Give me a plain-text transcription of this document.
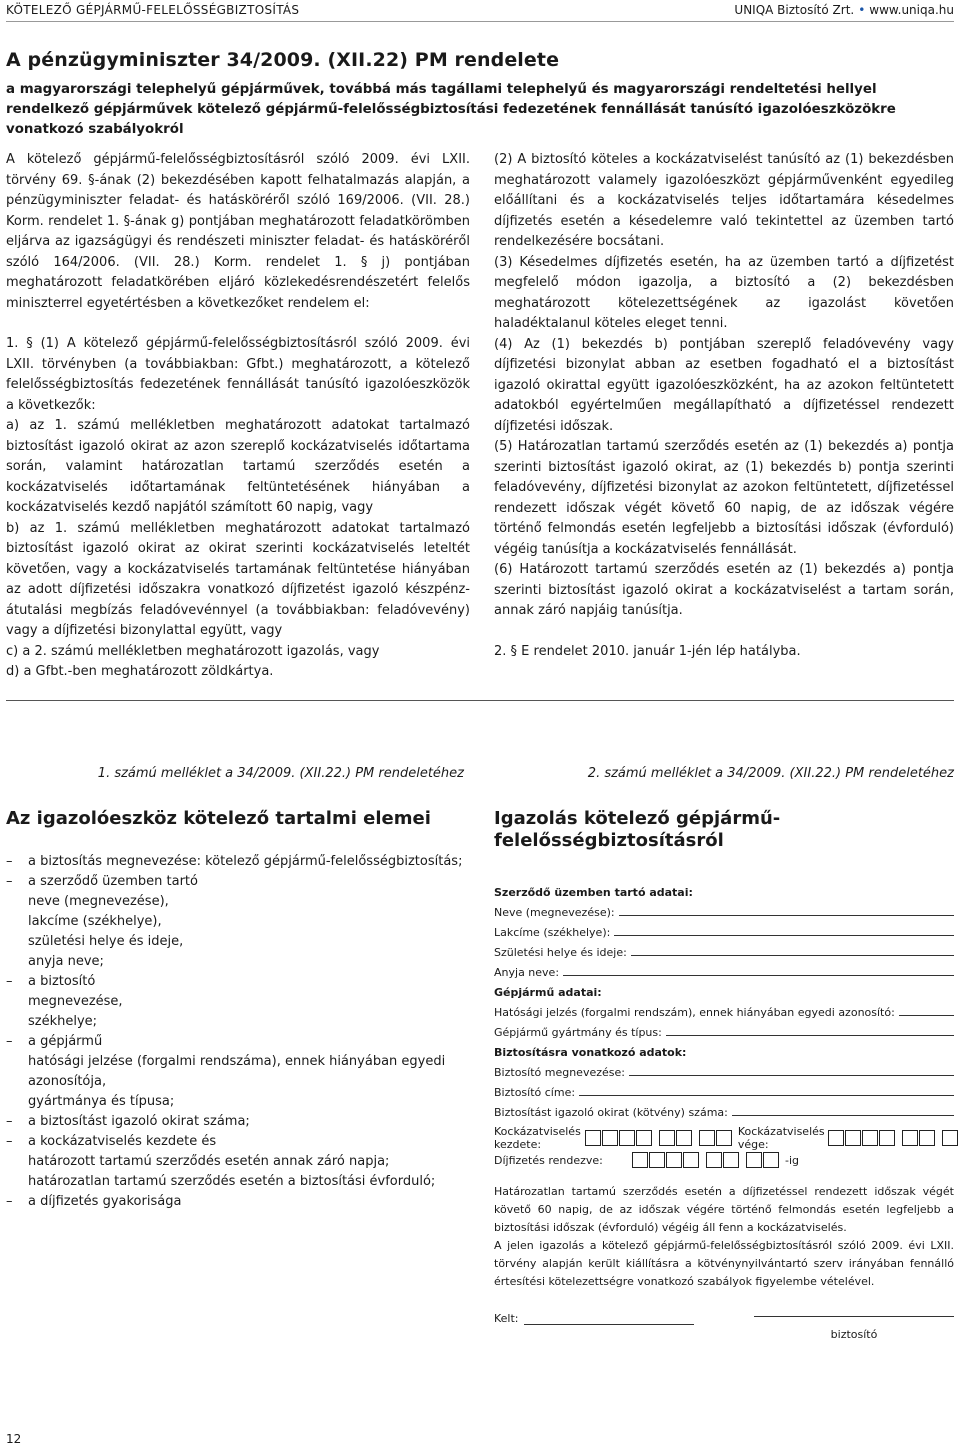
KÖTELEZŐ GÉPJÁRMŰ-FELELŐSSÉGBIZTOSÍTÁS	UNIQA Biztosító Zrt. • www.uniqa.hu
A pénzügyminiszter 34/2009. (XII.22) PM rendelete
a magyarországi telephelyű gépjárművek, továbbá más tagállami telephelyű és magyarországi rendeltetési hellyel rendelkező gépjárművek kötelező gépjármű-felelősségbiztosítási fedezetének fennállását tanúsító igazolóeszközökre vonatkozó szabályokról

A kötelező gépjármű-felelősségbiztosításról szóló 2009. évi LXII. törvény 69. §-ának (2) bekezdésében kapott felhatalmazás alapján, a pénzügyminiszter feladat- és hatásköréről szóló 169/2006. (VII. 28.) Korm. rendelet 1. §-ának g) pontjában meghatározott feladatkörömben eljárva az igazságügyi és rendészeti miniszter feladat- és hatásköréről szóló 164/2006. (VII. 28.) Korm. rendelet 1. § j) pontjában meghatározott feladatkörében eljáró közlekedésrendészetért felelős miniszterrel egyetértésben a következőket rendelem el:

1. § (1) A kötelező gépjármű-felelősségbiztosításról szóló 2009. évi LXII. törvényben (a továbbiakban: Gfbt.) meghatározott, a kötelező felelősségbiztosítás fedezetének fennállását tanúsító igazolóeszközök a következők:

a) az 1. számú mellékletben meghatározott adatokat tartalmazó biztosítást igazoló okirat az azon szereplő kockázatviselés időtartama során, valamint határozatlan tartamú szerződés esetén a kockázatviselés időtartamának feltüntetésének hiányában a kockázatviselés kezdő napjától számított 60 napig, vagy

b) az 1. számú mellékletben meghatározott adatokat tartalmazó biztosítást igazoló okirat az okirat szerinti kockázatviselés leteltét követően, vagy a kockázatviselés tartamának feltüntetése hiányában az adott díjfizetési időszakra vonatkozó díjfizetést igazoló készpénz-átutalási megbízás feladóvevénnyel (a továbbiakban: feladóvevény) vagy a díjfizetési bizonylattal együtt, vagy

c) a 2. számú mellékletben meghatározott igazolás, vagy

d) a Gfbt.-ben meghatározott zöldkártya.

(2) A biztosító köteles a kockázatviselést tanúsító az (1) bekezdésben meghatározott valamely igazolóeszközt gépjárművenként egyedileg előállítani és a kockázatviselés teljes időtartamára késedelmes díjfizetés esetén a késedelemre való tekintettel az üzemben tartó rendelkezésére bocsátani.

(3) Késedelmes díjfizetés esetén, ha az üzemben tartó a díjfizetést megfelelő módon igazolja, a biztosító a (2) bekezdésben meghatározott kötelezettségének az igazolást követően haladéktalanul köteles eleget tenni.

(4) Az (1) bekezdés b) pontjában szereplő feladóvevény vagy díjfizetési bizonylat abban az esetben fogadható el a biztosítást igazoló okirattal együtt igazolóeszközként, ha az azokon feltüntetett adatokból egyértelműen megállapítható a díjfizetéssel rendezett díjfizetési időszak.

(5) Határozatlan tartamú szerződés esetén az (1) bekezdés a) pontja szerinti biztosítást igazoló okirat, az (1) bekezdés b) pontja szerinti feladóvevény, díjfizetési bizonylat az azokon feltüntetett, díjfizetéssel rendezett időszak végét követő 60 napig, de az időszak végére történő felmondás esetén legfeljebb a biztosítási időszak (évforduló) végéig tanúsítja a kockázatviselés fennállását.

(6) Határozott tartamú szerződés esetén az (1) bekezdés a) pontja szerinti biztosítást igazoló okirat a kockázatviselést a tartam során, annak záró napjáig tanúsítja.

2. § E rendelet 2010. január 1-jén lép hatályba.

1. számú melléklet a 34/2009. (XII.22.) PM rendeletéhez	2. számú melléklet a 34/2009. (XII.22.) PM rendeletéhez
Az igazolóeszköz kötelező tartalmi elemei	Igazolás kötelező gépjármű-felelősségbiztosításról
–	a biztosítás megnevezése: kötelező gépjármű-felelősségbiztosítás;
–	a szerződő üzemben tartó
neve (megnevezése),
lakcíme (székhelye),
születési helye és ideje,
anyja neve;
–	a biztosító
megnevezése,
székhelye;
–	a gépjármű
hatósági jelzése (forgalmi rendszáma), ennek hiányában egyedi azonosítója,
gyártmánya és típusa;
–	a biztosítást igazoló okirat száma;
–	a kockázatviselés kezdete és
határozott tartamú szerződés esetén annak záró napja;
határozatlan tartamú szerződés esetén a biztosítási évforduló;
–	a díjfizetés gyakorisága
Szerződő üzemben tartó adatai:
Neve (megnevezése):
Lakcíme (székhelye):
Születési helye és ideje:
Anyja neve:
Gépjármű adatai:
Hatósági jelzés (forgalmi rendszám), ennek hiányában egyedi azonosító:
Gépjármű gyártmány és típus:
Biztosításra vonatkozó adatok:
Biztosító megnevezése:
Biztosító címe:
Biztosítást igazoló okirat (kötvény) száma:
Kockázatviselés kezdete:
Kockázatviselés vége:
Díjfizetés rendezve:	-ig

Határozatlan tartamú szerződés esetén a díjfizetéssel rendezett időszak végét követő 60 napig, de az időszak végére történő felmondás esetén legfeljebb a biztosítási időszak (évforduló) végéig áll fenn a kockázatviselés.

A jelen igazolás a kötelező gépjármű-felelősségbiztosításról szóló 2009. évi LXII. törvény alapján került kiállításra a kötvénynyilvántartó szerv irányában fennálló értesítési kötelezettségre vonatkozó szabályok figyelembe vételével.

Kelt:
biztosító
12
